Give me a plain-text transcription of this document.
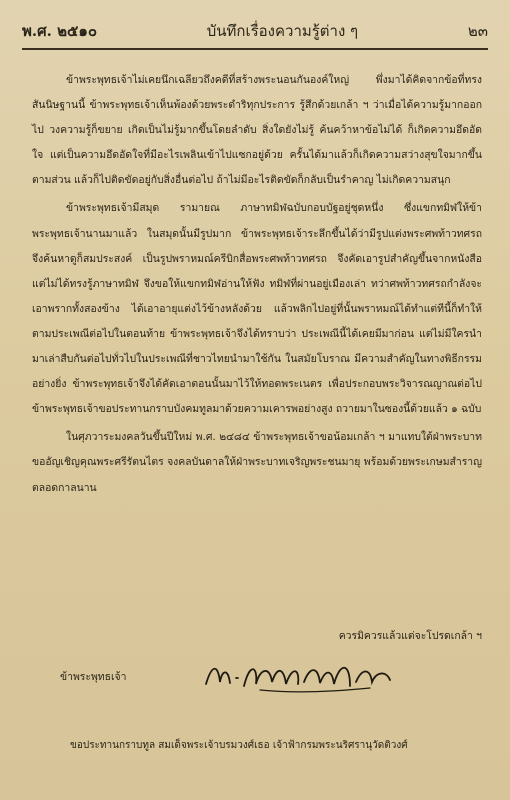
พ.ศ. ๒๕๑๐	บันทึกเรื่องความรู้ต่าง ๆ	๒๓

ข้าพระพุทธเจ้าไม่เคยนึกเฉลียวถึงคดีที่สร้างพระนอนกันองค์ใหญ่ พึ่งมาได้คิดจากข้อที่ทรงสันนิษฐานนี้ ข้าพระพุทธเจ้าเห็นพ้องด้วยพระดำริทุกประการ รู้สึกด้วยเกล้า ฯ ว่าเมื่อได้ความรู้มากออกไป วงความรู้ก็ขยาย เกิดเป็นไม่รู้มากขึ้นโดยลำดับ สิ่งใดยังไม่รู้ ค้นคว้าหาข้อไม่ได้ ก็เกิดความอึดอัดใจ แต่เป็นความอึดอัดใจที่มีอะไรเพลินเข้าไปแซกอยู่ด้วย ครั้นได้มาแล้วก็เกิดความสว่างสุขใจมากขึ้นตามส่วน แล้วก็ไปติดขัดอยู่กับสิ่งอื่นต่อไป ถ้าไม่มีอะไรติดขัดก็กลับเป็นรำคาญ ไม่เกิดความสนุก

ข้าพระพุทธเจ้ามีสมุด รามายณ ภาษาทมิฬฉบับกอบบัฐอยู่ชุดหนึ่ง ซึ่งแขกทมิฬให้ข้าพระพุทธเจ้านานมาแล้ว ในสมุดนั้นมีรูปมาก ข้าพระพุทธเจ้าระลึกขึ้นได้ว่ามีรูปแต่งพระศพท้าวทศรถ จึงค้นหาดูก็สมประสงค์ เป็นรูปพราหมณ์ครีบิกสื่อพระศพท้าวทศรถ จึงคัดเอารูปสำคัญขึ้นจากหนังสือ แต่ไม่ได้ทรงรู้ภาษาทมิฬ จึงขอให้แขกทมิฬอ่านให้ฟัง ทมิฬที่ผ่านอยู่เมืองเล่า ทว่าศพท้าวทศรถกำลังจะเอาพรากทั้งสองข้าง ได้เอาอายุแต่งไว้ข้างหลังด้วย แล้วพลิกไปอยู่ที่นั้นพราหมณ์ได้ทำแต่ทีนี้ก็ทำให้ตามประเพณีต่อไปในตอนท้าย ข้าพระพุทธเจ้าจึงได้ทราบว่า ประเพณีนี้ได้เคยมีมาก่อน แต่ไม่มีใครนำมาเล่าสืบกันต่อไปทั่วไปในประเพณีที่ชาวไทยนำมาใช้กัน ในสมัยโบราณ มีความสำคัญในทางพิธีกรรมอย่างยิ่ง ข้าพระพุทธเจ้าจึงได้คัดเอาตอนนั้นมาไว้ให้ทอดพระเนตร เพื่อประกอบพระวิจารณญาณต่อไป ข้าพระพุทธเจ้าขอประทานกราบบังคมทูลมาด้วยความเคารพอย่างสูง ถวายมาในซองนี้ด้วยแล้ว ๑ ฉบับ

ในศุภวาระมงคลวันขึ้นปีใหม่ พ.ศ. ๒๔๘๔ ข้าพระพุทธเจ้าขอน้อมเกล้า ฯ มาแทบใต้ฝ่าพระบาท ขออัญเชิญคุณพระศรีรัตนไตร จงคลบันดาลให้ฝ่าพระบาทเจริญพระชนมายุ พร้อมด้วยพระเกษมสำราญ ตลอดกาลนาน

ควรมิควรแล้วแต่จะโปรดเกล้า ฯ
ข้าพระพุทธเจ้า
ขอประทานกราบทูล สมเด็จพระเจ้าบรมวงศ์เธอ เจ้าฟ้ากรมพระนริศรานุวัดติวงศ์
